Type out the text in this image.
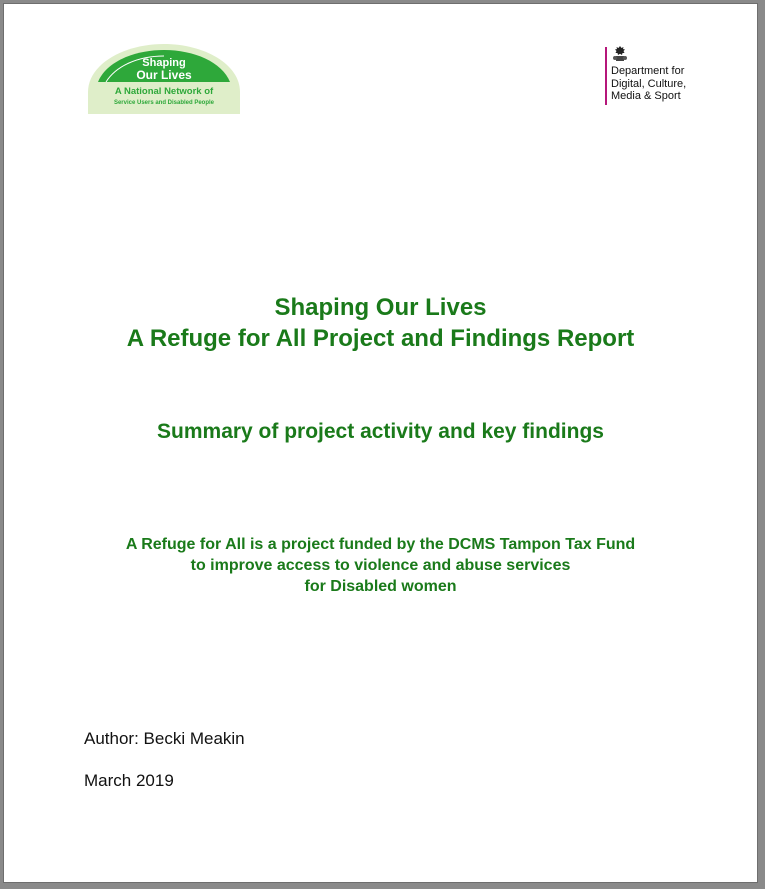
Shaping
Our Lives
A National Network of
Service Users and Disabled People
Department for
Digital, Culture,
Media & Sport
Shaping Our Lives
A Refuge for All Project and Findings Report
Summary of project activity and key findings
A Refuge for All is a project funded by the DCMS Tampon Tax Fund
to improve access to violence and abuse services
for Disabled women
Author: Becki Meakin
March 2019
